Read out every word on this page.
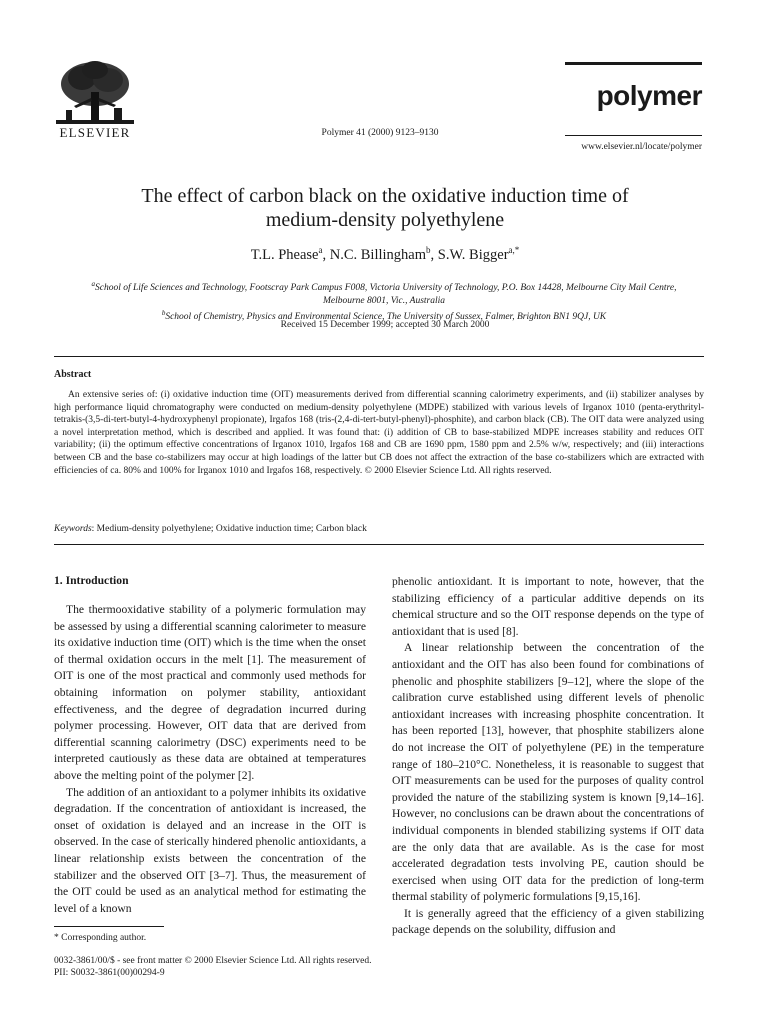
ELSEVIER	Polymer 41 (2000) 9123–9130
polymer
www.elsevier.nl/locate/polymer
The effect of carbon black on the oxidative induction time of
medium-density polyethylene
T.L. Phease$^a$, N.C. Billingham$^b$, S.W. Bigger$^{a,*}$
$^a$School of Life Sciences and Technology, Footscray Park Campus F008, Victoria University of Technology, P.O. Box 14428, Melbourne City Mail Centre,
Melbourne 8001, Vic., Australia
$^b$School of Chemistry, Physics and Environmental Science, The University of Sussex, Falmer, Brighton BN1 9QJ, UK
Received 15 December 1999; accepted 30 March 2000
Abstract
An extensive series of: (i) oxidative induction time (OIT) measurements derived from differential scanning calorimetry experiments, and (ii) stabilizer analyses by high performance liquid chromatography were conducted on medium-density polyethylene (MDPE) stabilized with various levels of Irganox 1010 (penta-erythrityl-tetrakis-(3,5-di-tert-butyl-4-hydroxyphenyl propionate), Irgafos 168 (tris-(2,4-di-tert-butyl-phenyl)-phosphite), and carbon black (CB). The OIT data were analyzed using a novel interpretation method, which is described and applied. It was found that: (i) addition of CB to base-stabilized MDPE increases stability and reduces OIT variability; (ii) the optimum effective concentrations of Irganox 1010, Irgafos 168 and CB are 1690 ppm, 1580 ppm and 2.5% w/w, respectively; and (iii) interactions between CB and the base co-stabilizers may occur at high loadings of the latter but CB does not affect the extraction of the base co-stabilizers which are extracted with efficiencies of ca. 80% and 100% for Irganox 1010 and Irgafos 168, respectively. © 2000 Elsevier Science Ltd. All rights reserved.
Keywords: Medium-density polyethylene; Oxidative induction time; Carbon black
1. Introduction

The thermooxidative stability of a polymeric formulation may be assessed by using a differential scanning calorimeter to measure its oxidative induction time (OIT) which is the time when the onset of thermal oxidation occurs in the melt [1]. The measurement of OIT is one of the most practical and commonly used methods for obtaining information on polymer stability, antioxidant effectiveness, and the degree of degradation incurred during polymer processing. However, OIT data that are derived from differential scanning calorimetry (DSC) experiments need to be interpreted cautiously as these data are obtained at temperatures above the melting point of the polymer [2].

The addition of an antioxidant to a polymer inhibits its oxidative degradation. If the concentration of antioxidant is increased, the onset of oxidation is delayed and an increase in the OIT is observed. In the case of sterically hindered phenolic antioxidants, a linear relationship exists between the concentration of the stabilizer and the observed OIT [3–7]. Thus, the measurement of the OIT could be used as an analytical method for estimating the level of a known

phenolic antioxidant. It is important to note, however, that the stabilizing efficiency of a particular additive depends on its chemical structure and so the OIT response depends on the type of antioxidant that is used [8].

A linear relationship between the concentration of the antioxidant and the OIT has also been found for combinations of phenolic and phosphite stabilizers [9–12], where the slope of the calibration curve established using different levels of phenolic antioxidant increases with increasing phosphite concentration. It has been reported [13], however, that phosphite stabilizers alone do not increase the OIT of polyethylene (PE) in the temperature range of 180–210°C. Nonetheless, it is reasonable to suggest that OIT measurements can be used for the purposes of quality control provided the nature of the stabilizing system is known [9,14–16]. However, no conclusions can be drawn about the concentrations of individual components in blended stabilizing systems if OIT data are the only data that are available. As is the case for most accelerated degradation tests involving PE, caution should be exercised when using OIT data for the prediction of long-term thermal stability of polymeric formulations [9,15,16].

It is generally agreed that the efficiency of a given stabilizing package depends on the solubility, diffusion and

* Corresponding author.
0032-3861/00/$ - see front matter © 2000 Elsevier Science Ltd. All rights reserved.
PII: S0032-3861(00)00294-9
